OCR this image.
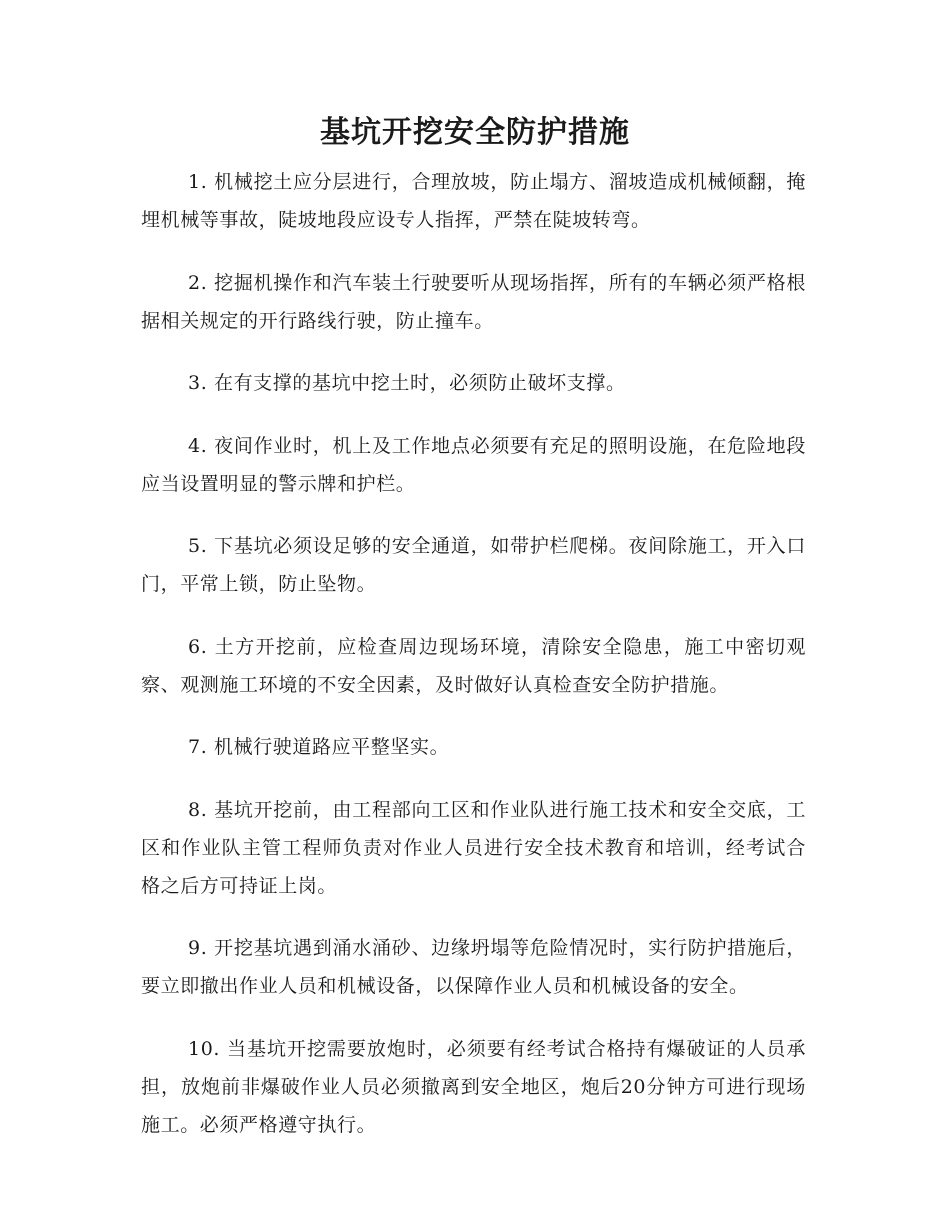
基坑开挖安全防护措施

1. 机械挖土应分层进行，合理放坡，防止塌方、溜坡造成机械倾翻，掩埋机械等事故，陡坡地段应设专人指挥，严禁在陡坡转弯。

2. 挖掘机操作和汽车装土行驶要听从现场指挥，所有的车辆必须严格根据相关规定的开行路线行驶，防止撞车。

3. 在有支撑的基坑中挖土时，必须防止破坏支撑。

4. 夜间作业时，机上及工作地点必须要有充足的照明设施，在危险地段应当设置明显的警示牌和护栏。

5. 下基坑必须设足够的安全通道，如带护栏爬梯。夜间除施工，开入口门，平常上锁，防止坠物。

6. 土方开挖前，应检查周边现场环境，清除安全隐患，施工中密切观察、观测施工环境的不安全因素，及时做好认真检查安全防护措施。

7. 机械行驶道路应平整坚实。

8. 基坑开挖前，由工程部向工区和作业队进行施工技术和安全交底，工区和作业队主管工程师负责对作业人员进行安全技术教育和培训，经考试合格之后方可持证上岗。

9. 开挖基坑遇到涌水涌砂、边缘坍塌等危险情况时，实行防护措施后，要立即撤出作业人员和机械设备，以保障作业人员和机械设备的安全。

10. 当基坑开挖需要放炮时，必须要有经考试合格持有爆破证的人员承担，放炮前非爆破作业人员必须撤离到安全地区，炮后20分钟方可进行现场施工。必须严格遵守执行。
